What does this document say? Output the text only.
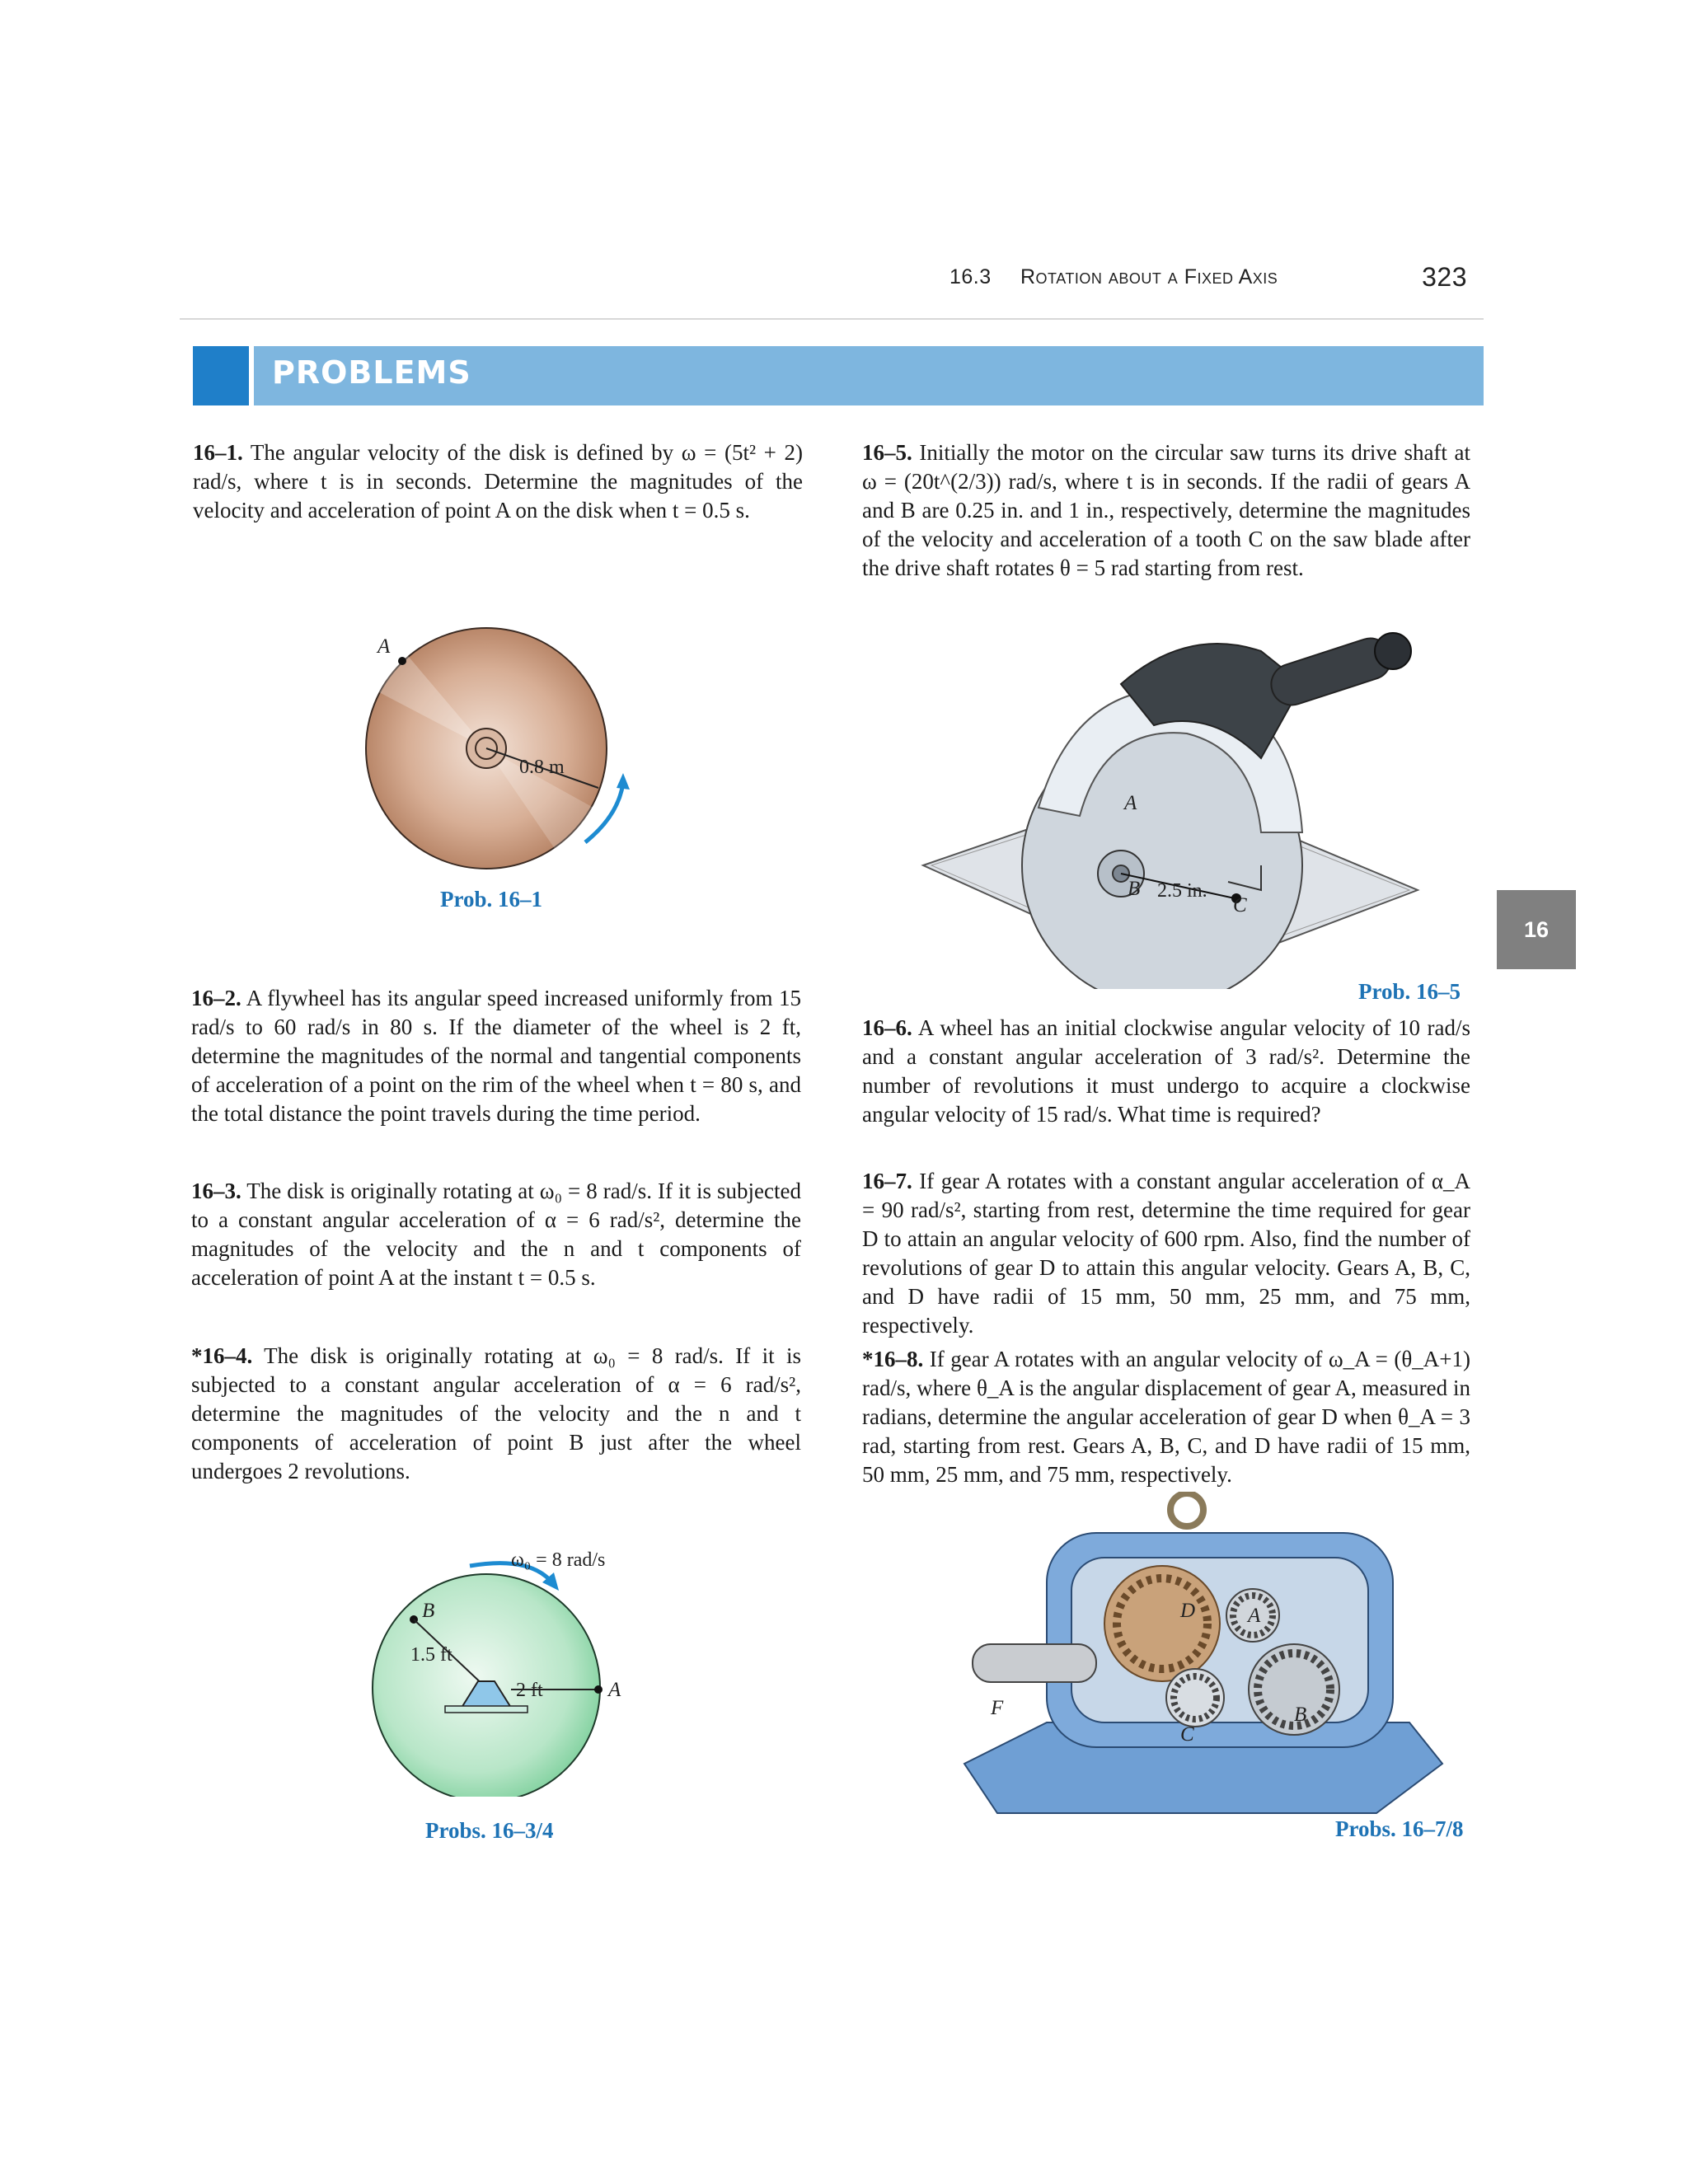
16.3 Rotation about a Fixed Axis	323
PROBLEMS
16

16–1. The angular velocity of the disk is defined by ω = (5t² + 2) rad/s, where t is in seconds. Determine the magnitudes of the velocity and acceleration of point A on the disk when t = 0.5 s.

A
0.8 m
Prob. 16–1

16–2. A flywheel has its angular speed increased uniformly from 15 rad/s to 60 rad/s in 80 s. If the diameter of the wheel is 2 ft, determine the magnitudes of the normal and tangential components of acceleration of a point on the rim of the wheel when t = 80 s, and the total distance the point travels during the time period.

16–3. The disk is originally rotating at ω₀ = 8 rad/s. If it is subjected to a constant angular acceleration of α = 6 rad/s², determine the magnitudes of the velocity and the n and t components of acceleration of point A at the instant t = 0.5 s.

*16–4. The disk is originally rotating at ω₀ = 8 rad/s. If it is subjected to a constant angular acceleration of α = 6 rad/s², determine the magnitudes of the velocity and the n and t components of acceleration of point B just after the wheel undergoes 2 revolutions.

ω₀ = 8 rad/s
B
1.5 ft
2 ft	A
Probs. 16–3/4

16–5. Initially the motor on the circular saw turns its drive shaft at ω = (20t^(2/3)) rad/s, where t is in seconds. If the radii of gears A and B are 0.25 in. and 1 in., respectively, determine the magnitudes of the velocity and acceleration of a tooth C on the saw blade after the drive shaft rotates θ = 5 rad starting from rest.

A
B
C
2.5 in.
Prob. 16–5

16–6. A wheel has an initial clockwise angular velocity of 10 rad/s and a constant angular acceleration of 3 rad/s². Determine the number of revolutions it must undergo to acquire a clockwise angular velocity of 15 rad/s. What time is required?

16–7. If gear A rotates with a constant angular acceleration of α_A = 90 rad/s², starting from rest, determine the time required for gear D to attain an angular velocity of 600 rpm. Also, find the number of revolutions of gear D to attain this angular velocity. Gears A, B, C, and D have radii of 15 mm, 50 mm, 25 mm, and 75 mm, respectively.

*16–8. If gear A rotates with an angular velocity of ω_A = (θ_A+1) rad/s, where θ_A is the angular displacement of gear A, measured in radians, determine the angular acceleration of gear D when θ_A = 3 rad, starting from rest. Gears A, B, C, and D have radii of 15 mm, 50 mm, 25 mm, and 75 mm, respectively.

D	A
B
C
F
Probs. 16–7/8
